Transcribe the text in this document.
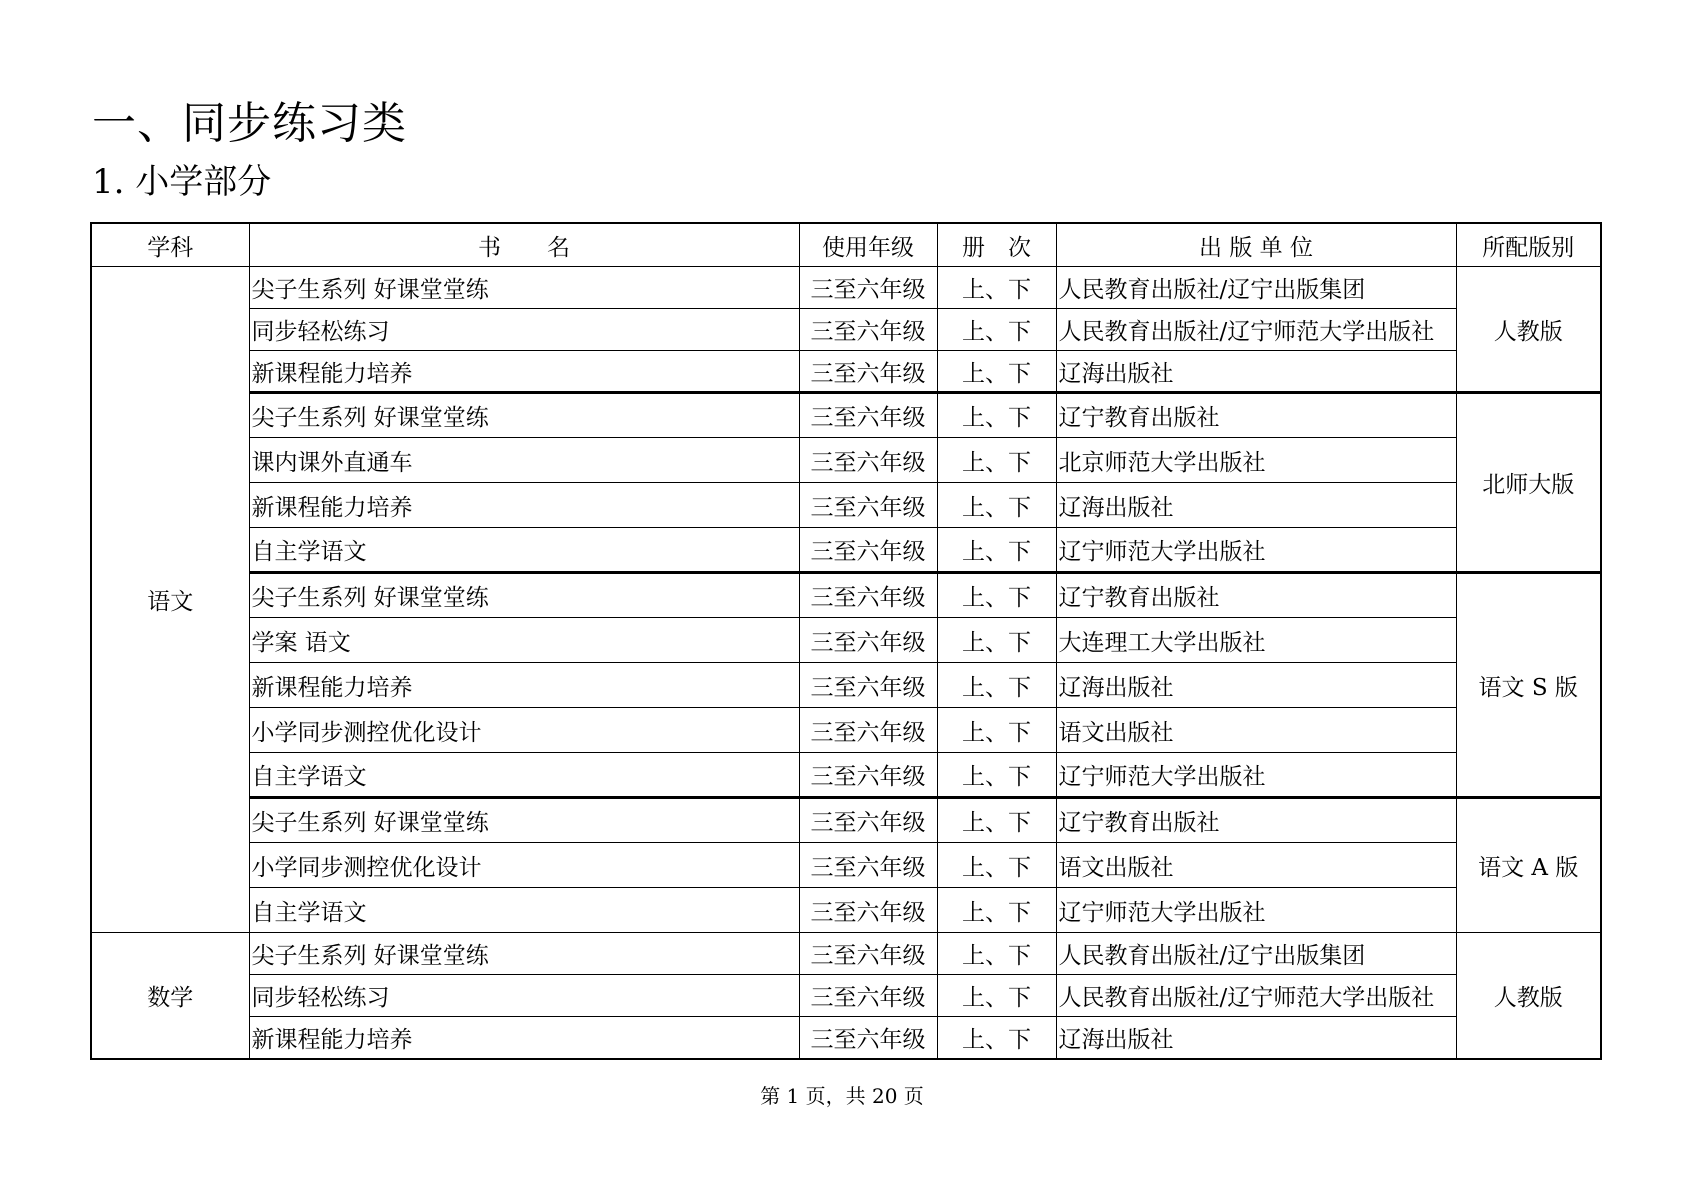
一、同步练习类
1. 小学部分
学科	书　　名	使用年级	册　次	出 版 单 位	所配版别
语文	尖子生系列 好课堂堂练	三至六年级	上、下	人民教育出版社/辽宁出版集团	人教版
	同步轻松练习	三至六年级	上、下	人民教育出版社/辽宁师范大学出版社	
	新课程能力培养	三至六年级	上、下	辽海出版社	
	尖子生系列 好课堂堂练	三至六年级	上、下	辽宁教育出版社	北师大版
	课内课外直通车	三至六年级	上、下	北京师范大学出版社	
	新课程能力培养	三至六年级	上、下	辽海出版社	
	自主学语文	三至六年级	上、下	辽宁师范大学出版社	
	尖子生系列 好课堂堂练	三至六年级	上、下	辽宁教育出版社	语文 S 版
	学案 语文	三至六年级	上、下	大连理工大学出版社	
	新课程能力培养	三至六年级	上、下	辽海出版社	
	小学同步测控优化设计	三至六年级	上、下	语文出版社	
	自主学语文	三至六年级	上、下	辽宁师范大学出版社	
	尖子生系列 好课堂堂练	三至六年级	上、下	辽宁教育出版社	语文 A 版
	小学同步测控优化设计	三至六年级	上、下	语文出版社	
	自主学语文	三至六年级	上、下	辽宁师范大学出版社	
数学	尖子生系列 好课堂堂练	三至六年级	上、下	人民教育出版社/辽宁出版集团	人教版
	同步轻松练习	三至六年级	上、下	人民教育出版社/辽宁师范大学出版社	
	新课程能力培养	三至六年级	上、下	辽海出版社	
第 1 页，共 20 页
